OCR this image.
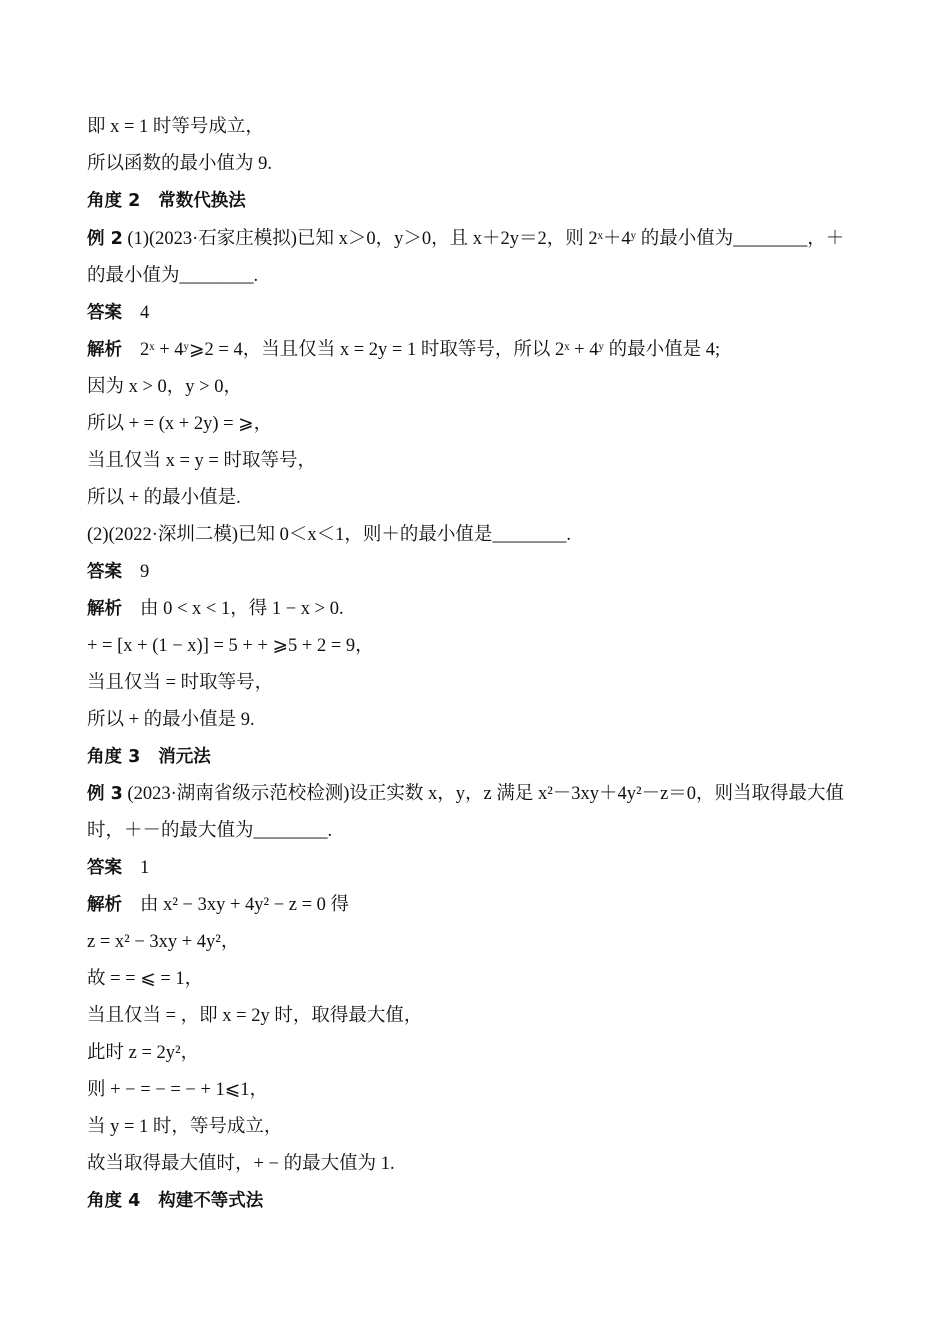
即 x = 1 时等号成立，
所以函数的最小值为 9.
角度 2 常数代换法
例 2 (1)(2023·石家庄模拟)已知 x＞0，y＞0，且 x＋2y＝2，则 2ˣ＋4ʸ 的最小值为________，＋
的最小值为________.
答案 4
解析 2ˣ + 4ʸ⩾2 = 4，当且仅当 x = 2y = 1 时取等号，所以 2ˣ + 4ʸ 的最小值是 4;
因为 x > 0，y > 0，
所以 + = (x + 2y) = ⩾，
当且仅当 x = y = 时取等号，
所以 + 的最小值是.
(2)(2022·深圳二模)已知 0＜x＜1，则＋的最小值是________.
答案 9
解析 由 0 < x < 1，得 1 − x > 0.
+ = [x + (1 − x)] = 5 + + ⩾5 + 2 = 9，
当且仅当 = 时取等号，
所以 + 的最小值是 9.
角度 3 消元法
例 3 (2023·湖南省级示范校检测)设正实数 x，y，z 满足 x²－3xy＋4y²－z＝0，则当取得最大值
时，＋－的最大值为________.
答案 1
解析 由 x² − 3xy + 4y² − z = 0 得
z = x² − 3xy + 4y²，
故 = = ⩽ = 1，
当且仅当 = ，即 x = 2y 时，取得最大值，
此时 z = 2y²，
则 + − = − = − + 1⩽1，
当 y = 1 时，等号成立，
故当取得最大值时，+ − 的最大值为 1.
角度 4 构建不等式法
